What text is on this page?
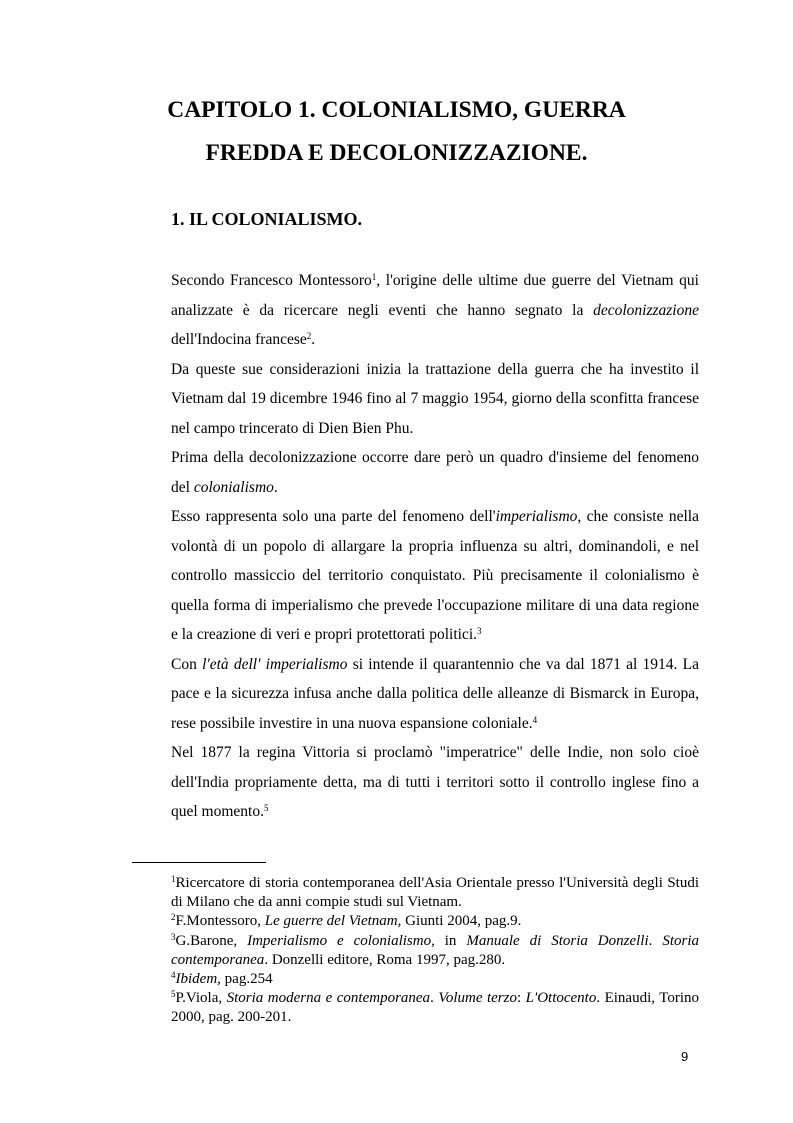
CAPITOLO 1. COLONIALISMO, GUERRA
FREDDA E DECOLONIZZAZIONE.
1. IL COLONIALISMO.

Secondo Francesco Montessoro$^1$, l'origine delle ultime due guerre del Vietnam qui analizzate è da ricercare negli eventi che hanno segnato la decolonizzazione dell'Indocina francese$^2$.

Da queste sue considerazioni inizia la trattazione della guerra che ha investito il Vietnam dal 19 dicembre 1946 fino al 7 maggio 1954, giorno della sconfitta francese nel campo trincerato di Dien Bien Phu.

Prima della decolonizzazione occorre dare però un quadro d'insieme del fenomeno del colonialismo.

Esso rappresenta solo una parte del fenomeno dell'imperialismo, che consiste nella volontà di un popolo di allargare la propria influenza su altri, dominandoli, e nel controllo massiccio del territorio conquistato. Più precisamente il colonialismo è quella forma di imperialismo che prevede l'occupazione militare di una data regione e la creazione di veri e propri protettorati politici.$^3$

Con l'età dell' imperialismo si intende il quarantennio che va dal 1871 al 1914. La pace e la sicurezza infusa anche dalla politica delle alleanze di Bismarck in Europa, rese possibile investire in una nuova espansione coloniale.$^4$

Nel 1877 la regina Vittoria si proclamò "imperatrice" delle Indie, non solo cioè dell'India propriamente detta, ma di tutti i territori sotto il controllo inglese fino a quel momento.$^5$

$^1$Ricercatore di storia contemporanea dell'Asia Orientale presso l'Università degli Studi di Milano che da anni compie studi sul Vietnam.

$^2$F.Montessoro, Le guerre del Vietnam, Giunti 2004, pag.9.

$^3$G.Barone, Imperialismo e colonialismo, in Manuale di Storia Donzelli. Storia contemporanea. Donzelli editore, Roma 1997, pag.280.

$^4$Ibidem, pag.254

$^5$P.Viola, Storia moderna e contemporanea. Volume terzo: L'Ottocento. Einaudi, Torino 2000, pag. 200-201.

9
